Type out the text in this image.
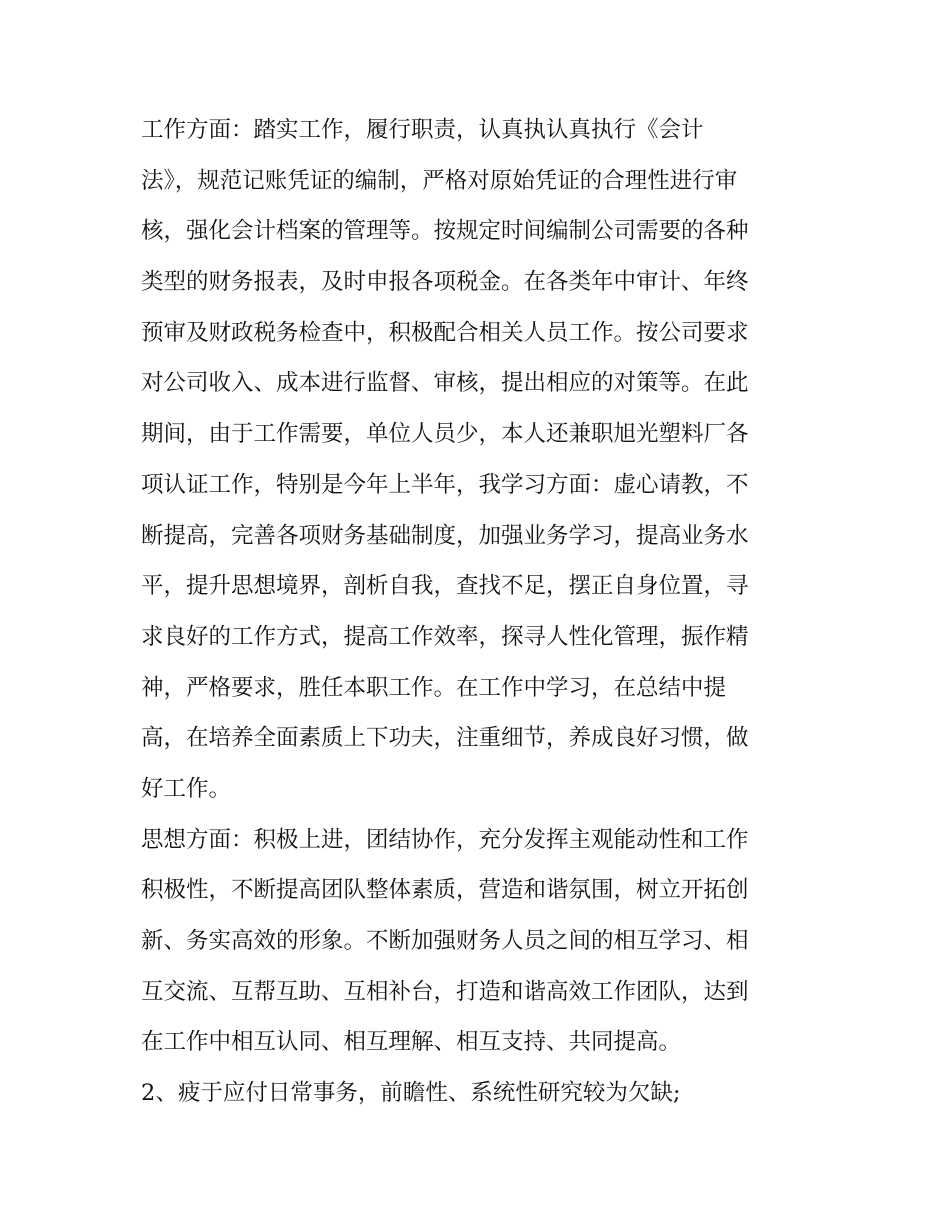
工作方面：踏实工作，履行职责，认真执认真执行《会计
法》，规范记账凭证的编制，严格对原始凭证的合理性进行审
核，强化会计档案的管理等。按规定时间编制公司需要的各种
类型的财务报表，及时申报各项税金。在各类年中审计、年终
预审及财政税务检查中，积极配合相关人员工作。按公司要求
对公司收入、成本进行监督、审核，提出相应的对策等。在此
期间，由于工作需要，单位人员少，本人还兼职旭光塑料厂各
项认证工作，特别是今年上半年，我学习方面：虚心请教，不
断提高，完善各项财务基础制度，加强业务学习，提高业务水
平，提升思想境界，剖析自我，查找不足，摆正自身位置，寻
求良好的工作方式，提高工作效率，探寻人性化管理，振作精
神，严格要求，胜任本职工作。在工作中学习，在总结中提
高，在培养全面素质上下功夫，注重细节，养成良好习惯，做
好工作。
思想方面：积极上进，团结协作，充分发挥主观能动性和工作
积极性，不断提高团队整体素质，营造和谐氛围，树立开拓创
新、务实高效的形象。不断加强财务人员之间的相互学习、相
互交流、互帮互助、互相补台，打造和谐高效工作团队，达到
在工作中相互认同、相互理解、相互支持、共同提高。
2、疲于应付日常事务，前瞻性、系统性研究较为欠缺;
